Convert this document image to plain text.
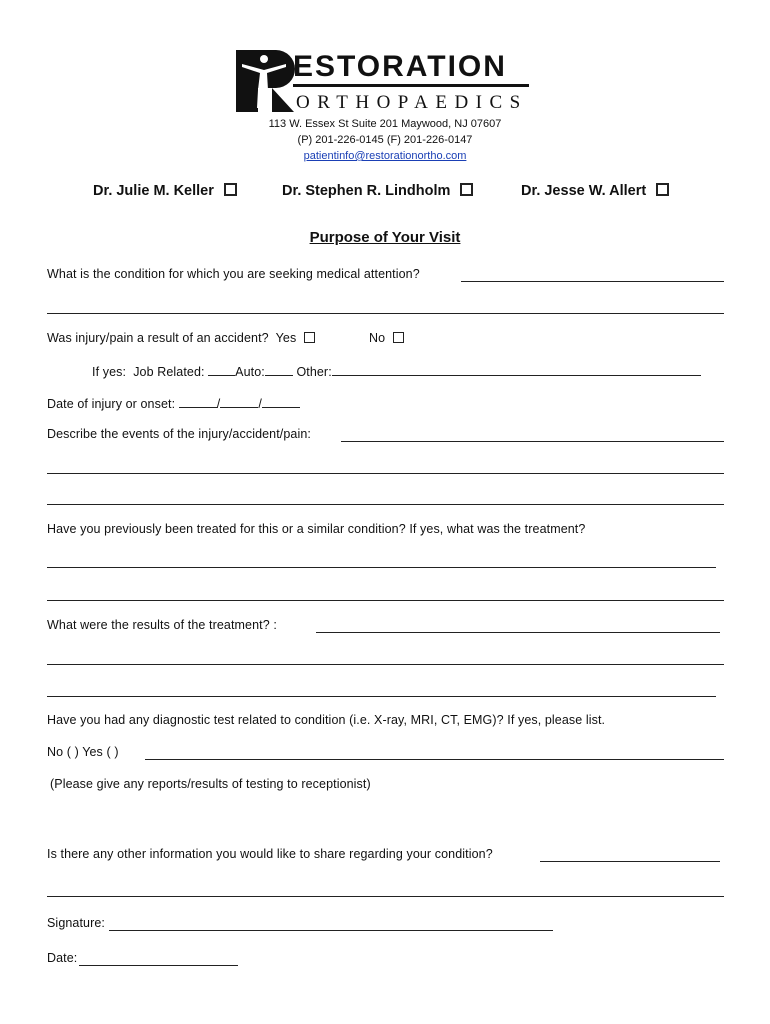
ESTORATION
ORTHOPAEDICS
113 W. Essex St Suite 201 Maywood, NJ 07607
(P) 201-226-0145 (F) 201-226-0147
patientinfo@restorationortho.com
Dr. Julie M. Keller	Dr. Stephen R. Lindholm	Dr. Jesse W. Allert
Purpose of Your Visit
What is the condition for which you are seeking medical attention?
Was injury/pain a result of an accident? Yes	No
If yes: Job Related: Auto:	Other:
Date of injury or onset:	/	/
Describe the events of the injury/accident/pain:
Have you previously been treated for this or a similar condition? If yes, what was the treatment?
What were the results of the treatment? :
Have you had any diagnostic test related to condition (i.e. X-ray, MRI, CT, EMG)? If yes, please list.
No ( ) Yes ( )
(Please give any reports/results of testing to receptionist)
Is there any other information you would like to share regarding your condition?
Signature:
Date:
